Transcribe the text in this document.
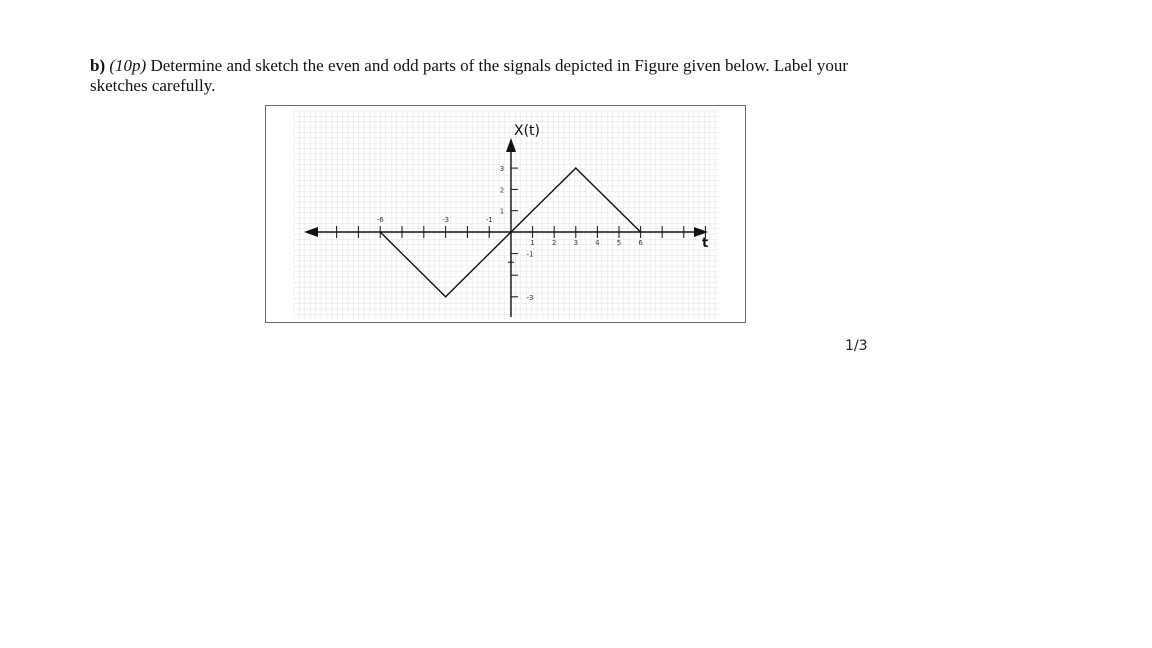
b) (10p) Determine and sketch the even and odd parts of the signals depicted in Figure given below. Label your
sketches carefully.
-6	-3	-1
1 2 3 4 5 6
1
2
3
-1
-3
X(t)
t
1/3
